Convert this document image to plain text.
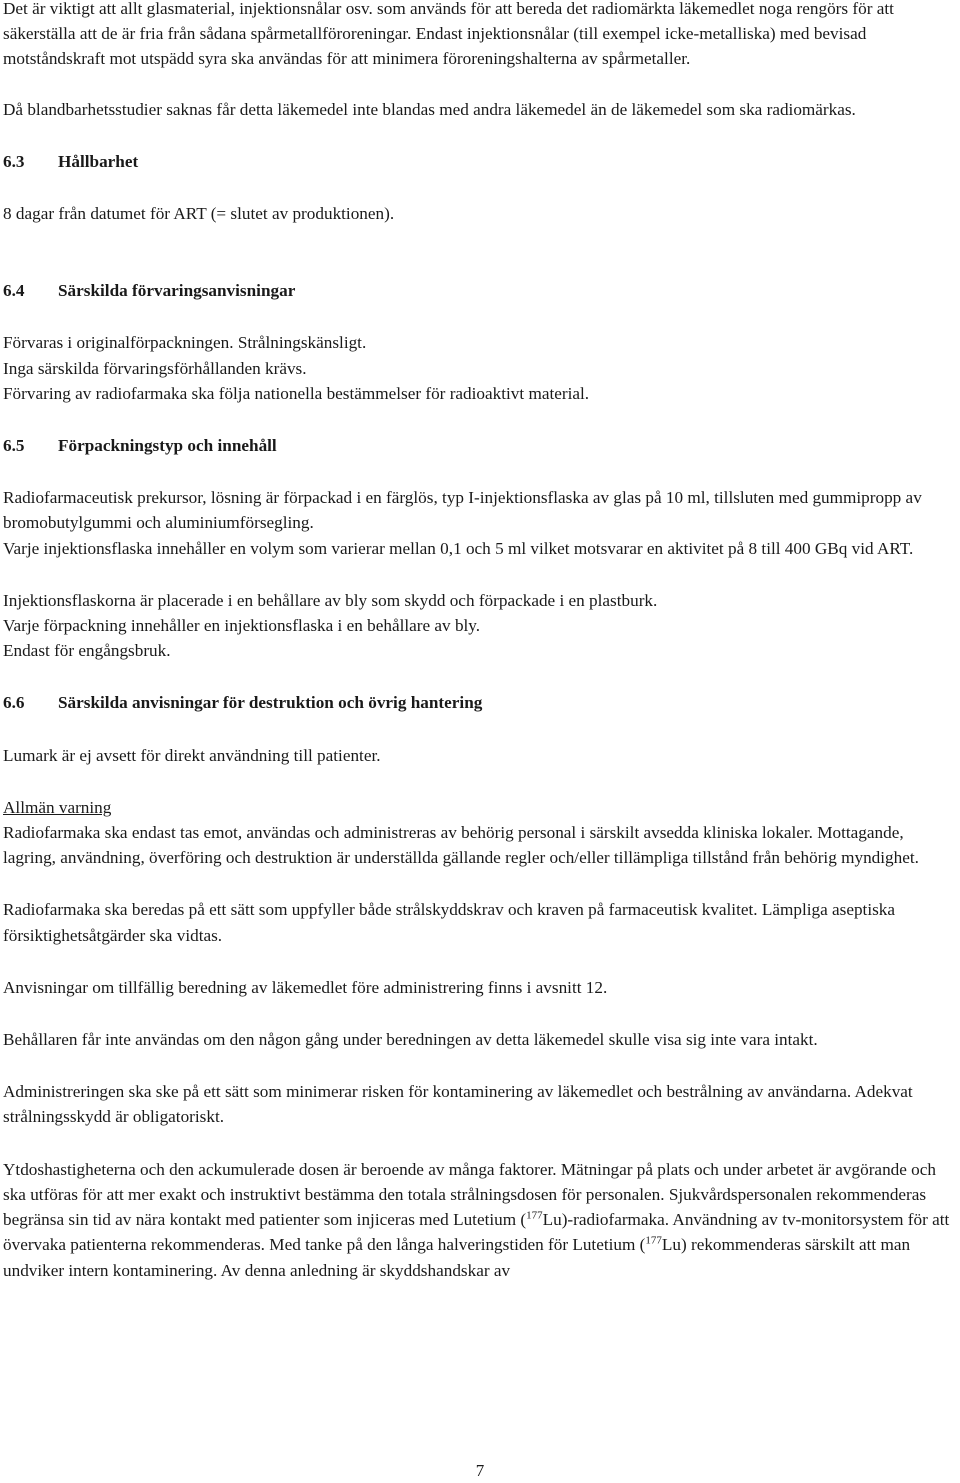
Det är viktigt att allt glasmaterial, injektionsnålar osv. som används för att bereda det radiomärkta läkemedlet noga rengörs för att säkerställa att de är fria från sådana spårmetallföroreningar. Endast injektionsnålar (till exempel icke-metalliska) med bevisad motståndskraft mot utspädd syra ska användas för att minimera föroreningshalterna av spårmetaller.

Då blandbarhetsstudier saknas får detta läkemedel inte blandas med andra läkemedel än de läkemedel som ska radiomärkas.

6.3 Hållbarhet

8 dagar från datumet för ART (= slutet av produktionen).

6.4 Särskilda förvaringsanvisningar

Förvaras i originalförpackningen. Strålningskänsligt.

Inga särskilda förvaringsförhållanden krävs.

Förvaring av radiofarmaka ska följa nationella bestämmelser för radioaktivt material.

6.5 Förpackningstyp och innehåll

Radiofarmaceutisk prekursor, lösning är förpackad i en färglös, typ I-injektionsflaska av glas på 10 ml, tillsluten med gummipropp av bromobutylgummi och aluminiumförsegling.

Varje injektionsflaska innehåller en volym som varierar mellan 0,1 och 5 ml vilket motsvarar en aktivitet på 8 till 400 GBq vid ART.

Injektionsflaskorna är placerade i en behållare av bly som skydd och förpackade i en plastburk.

Varje förpackning innehåller en injektionsflaska i en behållare av bly.

Endast för engångsbruk.

6.6 Särskilda anvisningar för destruktion och övrig hantering

Lumark är ej avsett för direkt användning till patienter.

Allmän varning

Radiofarmaka ska endast tas emot, användas och administreras av behörig personal i särskilt avsedda kliniska lokaler. Mottagande, lagring, användning, överföring och destruktion är underställda gällande regler och/eller tillämpliga tillstånd från behörig myndighet.

Radiofarmaka ska beredas på ett sätt som uppfyller både strålskyddskrav och kraven på farmaceutisk kvalitet. Lämpliga aseptiska försiktighetsåtgärder ska vidtas.

Anvisningar om tillfällig beredning av läkemedlet före administrering finns i avsnitt 12.

Behållaren får inte användas om den någon gång under beredningen av detta läkemedel skulle visa sig inte vara intakt.

Administreringen ska ske på ett sätt som minimerar risken för kontaminering av läkemedlet och bestrålning av användarna. Adekvat strålningsskydd är obligatoriskt.

Ytdoshastigheterna och den ackumulerade dosen är beroende av många faktorer. Mätningar på plats och under arbetet är avgörande och ska utföras för att mer exakt och instruktivt bestämma den totala strålningsdosen för personalen. Sjukvårdspersonalen rekommenderas begränsa sin tid av nära kontakt med patienter som injiceras med Lutetium ($^{177}$Lu)-radiofarmaka. Användning av tv-monitorsystem för att övervaka patienterna rekommenderas. Med tanke på den långa halveringstiden för Lutetium ($^{177}$Lu) rekommenderas särskilt att man undviker intern kontaminering. Av denna anledning är skyddshandskar av

7
